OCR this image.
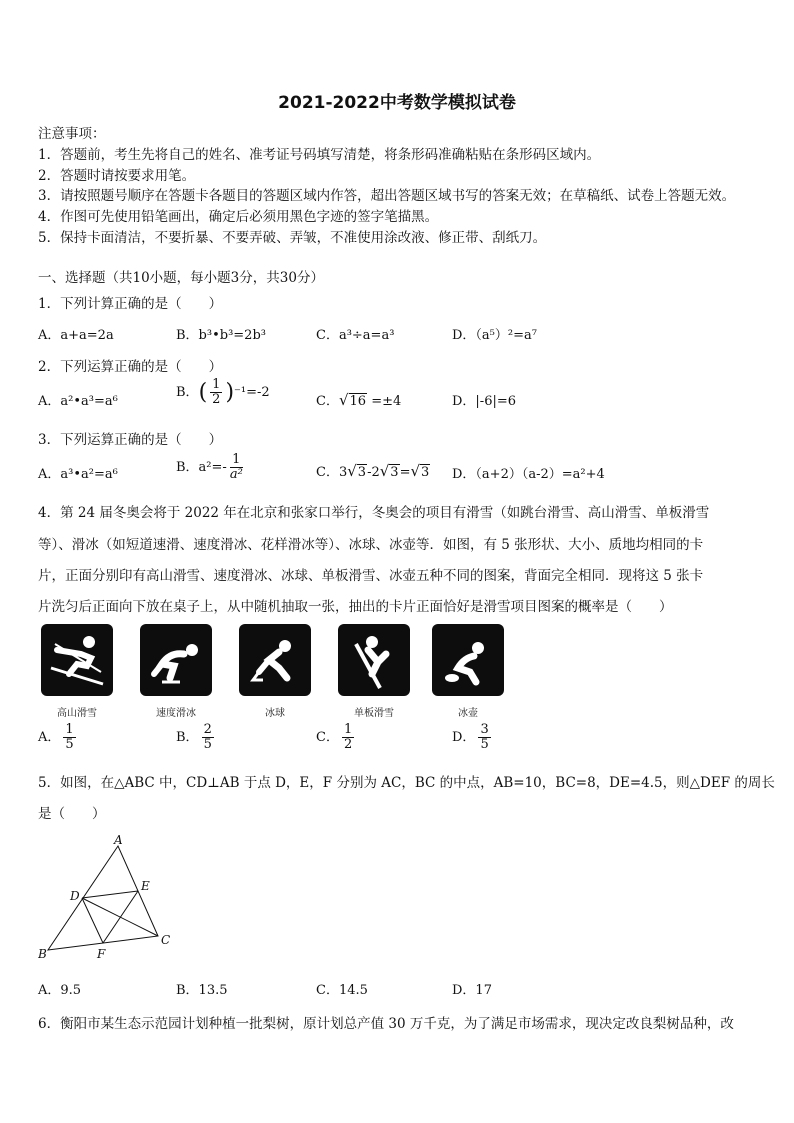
2021-2022中考数学模拟试卷
注意事项：
1．答题前，考生先将自己的姓名、准考证号码填写清楚，将条形码准确粘贴在条形码区域内。
2．答题时请按要求用笔。
3．请按照题号顺序在答题卡各题目的答题区域内作答，超出答题区域书写的答案无效；在草稿纸、试卷上答题无效。
4．作图可先使用铅笔画出，确定后必须用黑色字迹的签字笔描黑。
5．保持卡面清洁，不要折暴、不要弄破、弄皱，不准使用涂改液、修正带、刮纸刀。
一、选择题（共10小题，每小题3分，共30分）
1．下列计算正确的是（　　）
A．a+a=2a	B．b³•b³=2b³	C．a³÷a=a³	D．（a⁵）²=a⁷
2．下列运算正确的是（　　）
A．a²•a³=a⁶
B．( $\frac{1}{2} )^{-1}=-2$
C．√16 =±4	D．|-6|=6
3．下列运算正确的是（　　）
A．a³•a²=a⁶	B．$a^2=- \frac{1}{\text{a²}}$	C．3√3-2√3=√3 D．（a+2）（a-2）=a²+4
4．第 24 届冬奥会将于 2022 年在北京和张家口举行，冬奥会的项目有滑雪（如跳台滑雪、高山滑雪、单板滑雪
等）、滑冰（如短道速滑、速度滑冰、花样滑冰等）、冰球、冰壶等．如图，有 5 张形状、大小、质地均相同的卡
片，正面分别印有高山滑雪、速度滑冰、冰球、单板滑雪、冰壶五种不同的图案，背面完全相同．现将这 5 张卡
片洗匀后正面向下放在桌子上，从中随机抽取一张，抽出的卡片正面恰好是滑雪项目图案的概率是（　　）
高山滑雪	速度滑冰	冰球	单板滑雪	冰壶
A． $\frac{1}{5}$	B． $\frac{2}{5}$	C． $\frac{1}{2}$	D． $\frac{3}{5}$
5．如图，在△ABC 中，CD⊥AB 于点 D，E，F 分别为 AC，BC 的中点，AB=10，BC=8，DE=4.5，则△DEF 的周长
是（　　）
A
B
C
D
E
F
A．9.5	B．13.5	C．14.5	D．17
6．衡阳市某生态示范园计划种植一批梨树，原计划总产值 30 万千克，为了满足市场需求，现决定改良梨树品种，改
